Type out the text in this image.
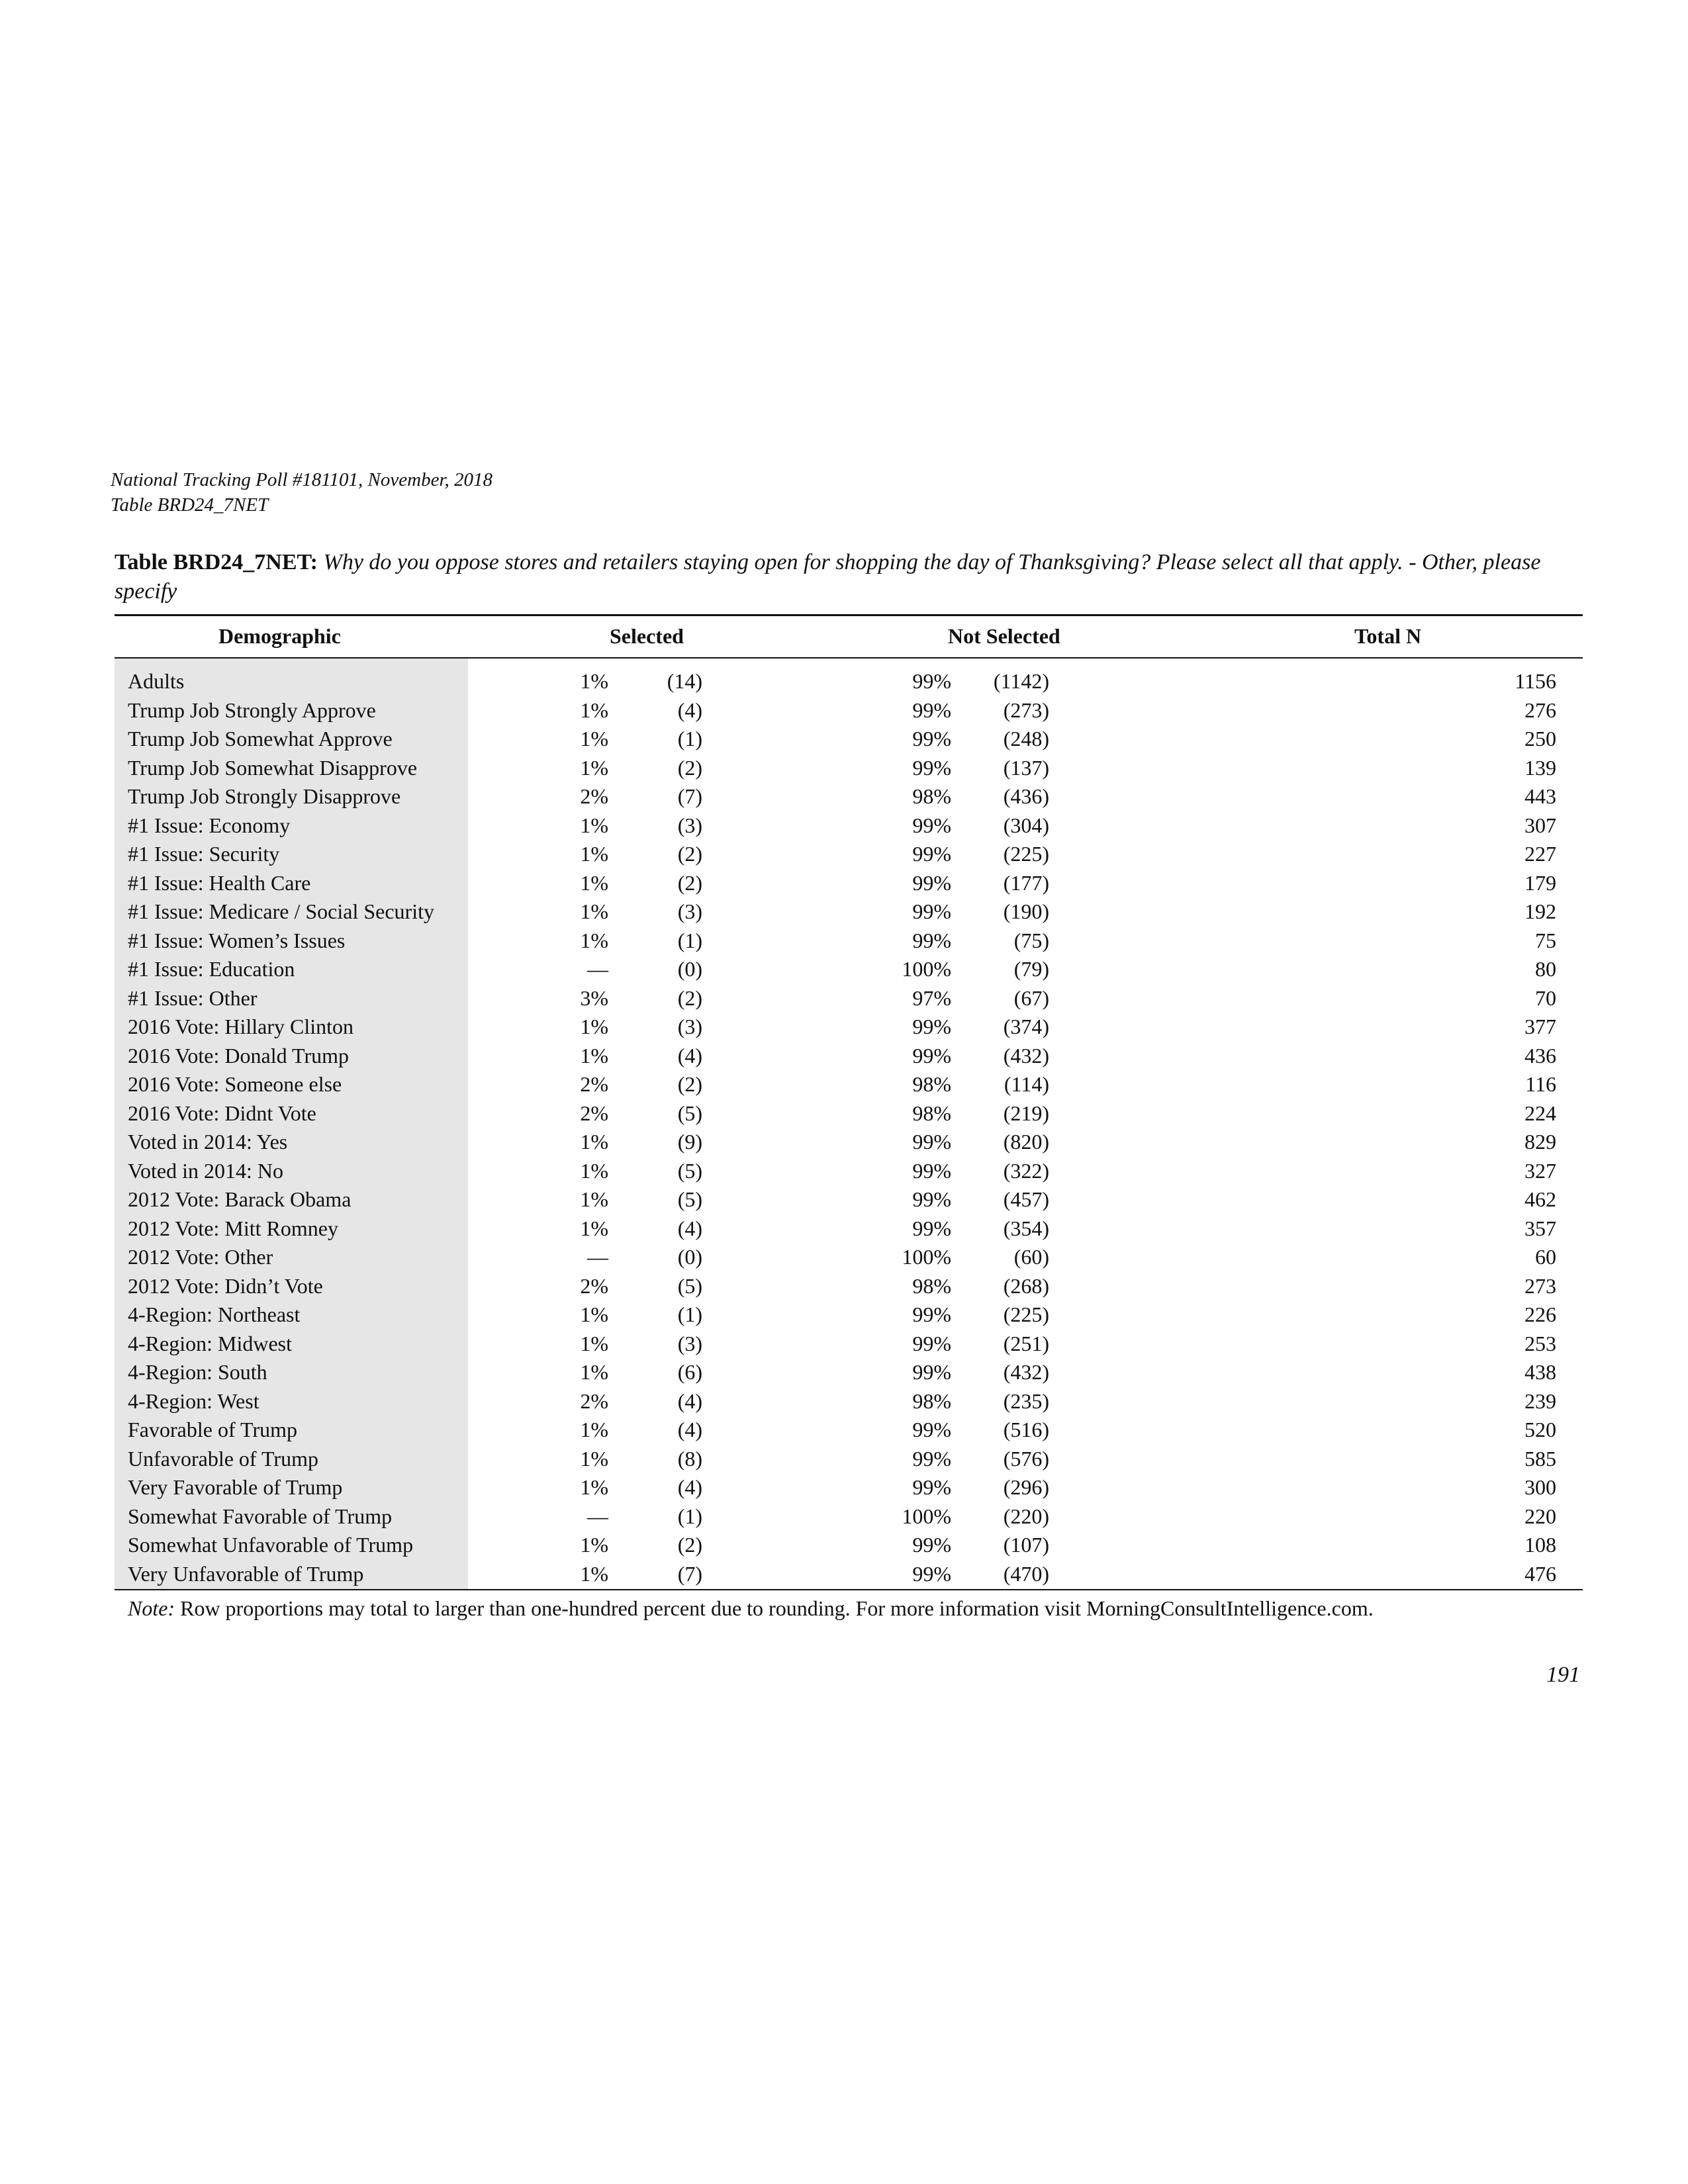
National Tracking Poll #181101, November, 2018
Table BRD24_7NET
Table BRD24_7NET: Why do you oppose stores and retailers staying open for shopping the day of Thanksgiving? Please select all that apply. - Other, please specify
Demographic	Selected	Not Selected	Total N
Adults	1%	(14)	99% (1142)	1156
Trump Job Strongly Approve	1%	(4)	99% (273)	276
Trump Job Somewhat Approve	1%	(1)	99% (248)	250
Trump Job Somewhat Disapprove	1%	(2)	99% (137)	139
Trump Job Strongly Disapprove	2%	(7)	98% (436)	443
#1 Issue: Economy	1%	(3)	99% (304)	307
#1 Issue: Security	1%	(2)	99% (225)	227
#1 Issue: Health Care	1%	(2)	99% (177)	179
#1 Issue: Medicare / Social Security	1%	(3)	99% (190)	192
#1 Issue: Women’s Issues	1%	(1)	99%	(75)	75
#1 Issue: Education	—	(0)	100%	(79)	80
#1 Issue: Other	3%	(2)	97%	(67)	70
2016 Vote: Hillary Clinton	1%	(3)	99% (374)	377
2016 Vote: Donald Trump	1%	(4)	99% (432)	436
2016 Vote: Someone else	2%	(2)	98% (114)	116
2016 Vote: Didnt Vote	2%	(5)	98% (219)	224
Voted in 2014: Yes	1%	(9)	99% (820)	829
Voted in 2014: No	1%	(5)	99% (322)	327
2012 Vote: Barack Obama	1%	(5)	99% (457)	462
2012 Vote: Mitt Romney	1%	(4)	99% (354)	357
2012 Vote: Other	—	(0)	100%	(60)	60
2012 Vote: Didn’t Vote	2%	(5)	98% (268)	273
4-Region: Northeast	1%	(1)	99% (225)	226
4-Region: Midwest	1%	(3)	99% (251)	253
4-Region: South	1%	(6)	99% (432)	438
4-Region: West	2%	(4)	98% (235)	239
Favorable of Trump	1%	(4)	99% (516)	520
Unfavorable of Trump	1%	(8)	99% (576)	585
Very Favorable of Trump	1%	(4)	99% (296)	300
Somewhat Favorable of Trump	—	(1)	100% (220)	220
Somewhat Unfavorable of Trump	1%	(2)	99% (107)	108
Very Unfavorable of Trump	1%	(7)	99% (470)	476
Note: Row proportions may total to larger than one-hundred percent due to rounding. For more information visit MorningConsultIntelligence.com.
191
